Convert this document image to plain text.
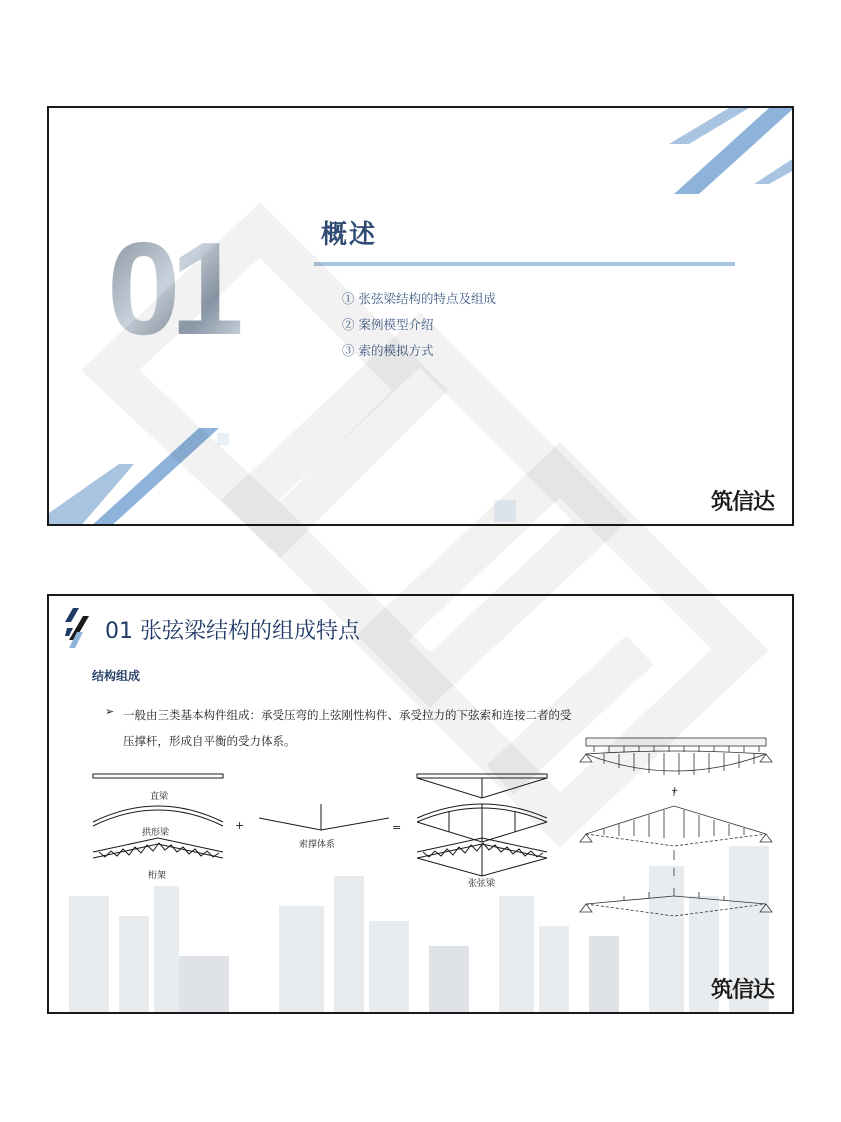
01	概述
① 张弦梁结构的特点及组成
② 案例模型介绍
③ 索的模拟方式
筑信达
01 张弦梁结构的组成特点
结构组成
➢ 一般由三类基本构件组成：承受压弯的上弦刚性构件、承受拉力的下弦索和连接二者的受
压撑杆，形成自平衡的受力体系。
直梁
拱形梁
桁架
+
索撑体系
=
张弦梁
+
筑信达
